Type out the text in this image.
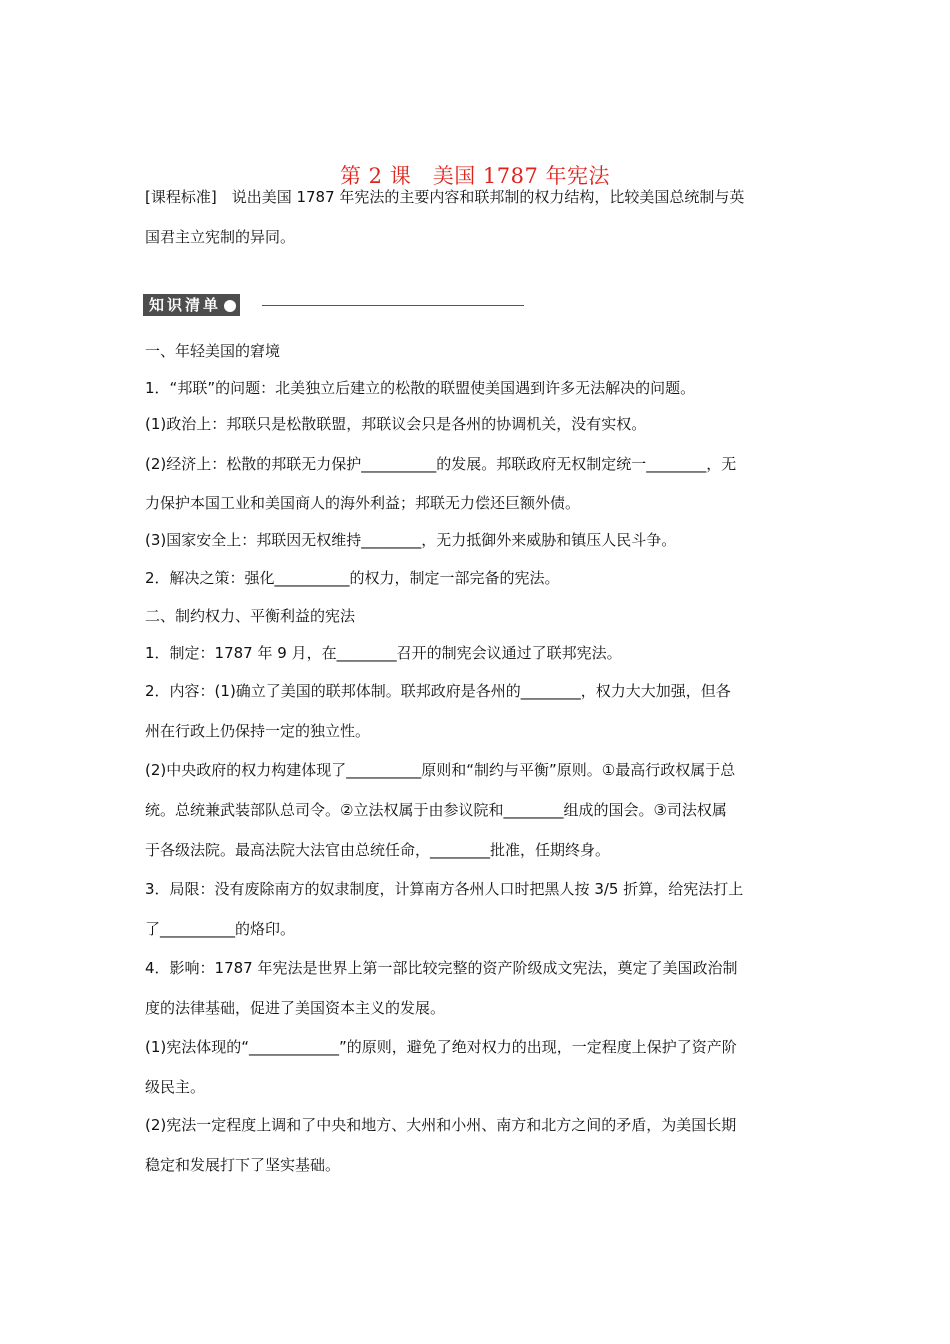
第 2 课　美国 1787 年宪法
[课程标准]　说出美国 1787 年宪法的主要内容和联邦制的权力结构，比较美国总统制与英
国君主立宪制的异同。
知识清单
一、年轻美国的窘境
1．“邦联”的问题：北美独立后建立的松散的联盟使美国遇到许多无法解决的问题。
(1)政治上：邦联只是松散联盟，邦联议会只是各州的协调机关，没有实权。
(2)经济上：松散的邦联无力保护__________的发展。邦联政府无权制定统一________，无
力保护本国工业和美国商人的海外利益；邦联无力偿还巨额外债。
(3)国家安全上：邦联因无权维持________，无力抵御外来威胁和镇压人民斗争。
2．解决之策：强化__________的权力，制定一部完备的宪法。
二、制约权力、平衡利益的宪法
1．制定：1787 年 9 月，在________召开的制宪会议通过了联邦宪法。
2．内容：(1)确立了美国的联邦体制。联邦政府是各州的________，权力大大加强，但各
州在行政上仍保持一定的独立性。
(2)中央政府的权力构建体现了__________原则和“制约与平衡”原则。①最高行政权属于总
统。总统兼武装部队总司令。②立法权属于由参议院和________组成的国会。③司法权属
于各级法院。最高法院大法官由总统任命，________批准，任期终身。
3．局限：没有废除南方的奴隶制度，计算南方各州人口时把黑人按 3/5 折算，给宪法打上
了__________的烙印。
4．影响：1787 年宪法是世界上第一部比较完整的资产阶级成文宪法，奠定了美国政治制
度的法律基础，促进了美国资本主义的发展。
(1)宪法体现的“____________”的原则，避免了绝对权力的出现，一定程度上保护了资产阶
级民主。
(2)宪法一定程度上调和了中央和地方、大州和小州、南方和北方之间的矛盾，为美国长期
稳定和发展打下了坚实基础。
